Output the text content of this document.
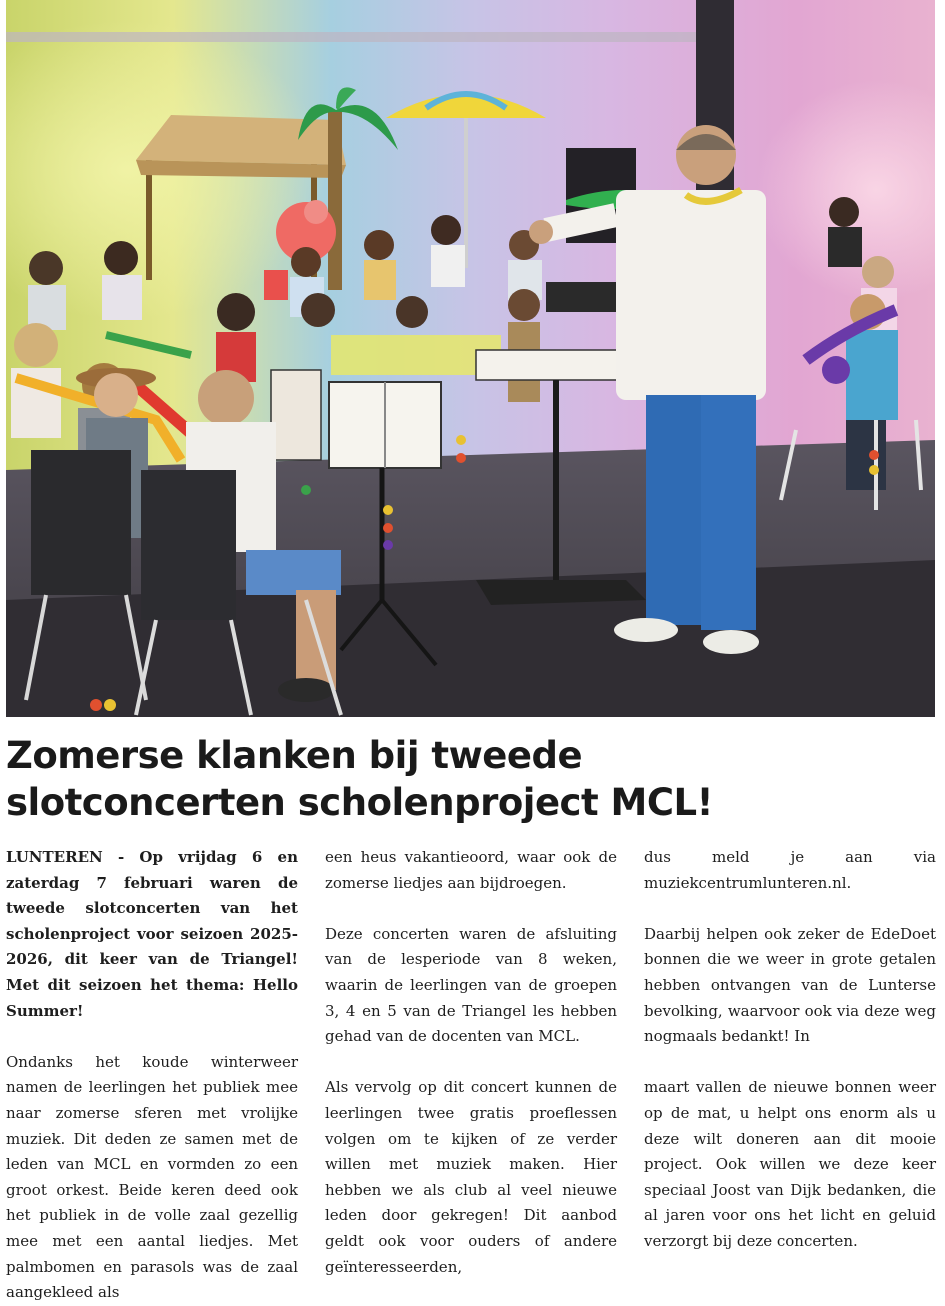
Zomerse klanken bij tweede
slotconcerten scholenproject MCL!

LUNTEREN - Op vrijdag 6 en zaterdag 7 februari waren de tweede slotconcerten van het scholenproject voor seizoen 2025-2026, dit keer van de Triangel! Met dit seizoen het thema: Hello Summer!

Ondanks het koude winterweer namen de leerlingen het publiek mee naar zomerse sferen met vrolijke muziek. Dit deden ze samen met de leden van MCL en vormden zo een groot orkest. Beide keren deed ook het publiek in de volle zaal gezellig mee met een aantal liedjes. Met palmbomen en parasols was de zaal aangekleed als

een heus vakantieoord, waar ook de zomerse liedjes aan bijdroegen.

Deze concerten waren de afsluiting van de lesperiode van 8 weken, waarin de leerlingen van de groepen 3, 4 en 5 van de Triangel les hebben gehad van de docenten van MCL.

Als vervolg op dit concert kunnen de leerlingen twee gratis proeflessen volgen om te kijken of ze verder willen met muziek maken. Hier hebben we als club al veel nieuwe leden door gekregen! Dit aanbod geldt ook voor ouders of andere geïnteresseerden,

dus meld je aan via muziekcentrumlunteren.nl.

Daarbij helpen ook zeker de EdeDoet bonnen die we weer in grote getalen hebben ontvangen van de Lunterse bevolking, waarvoor ook via deze weg nogmaals bedankt! In

maart vallen de nieuwe bonnen weer op de mat, u helpt ons enorm als u deze wilt doneren aan dit mooie project. Ook willen we deze keer speciaal Joost van Dijk bedanken, die al jaren voor ons het licht en geluid verzorgt bij deze concerten.
